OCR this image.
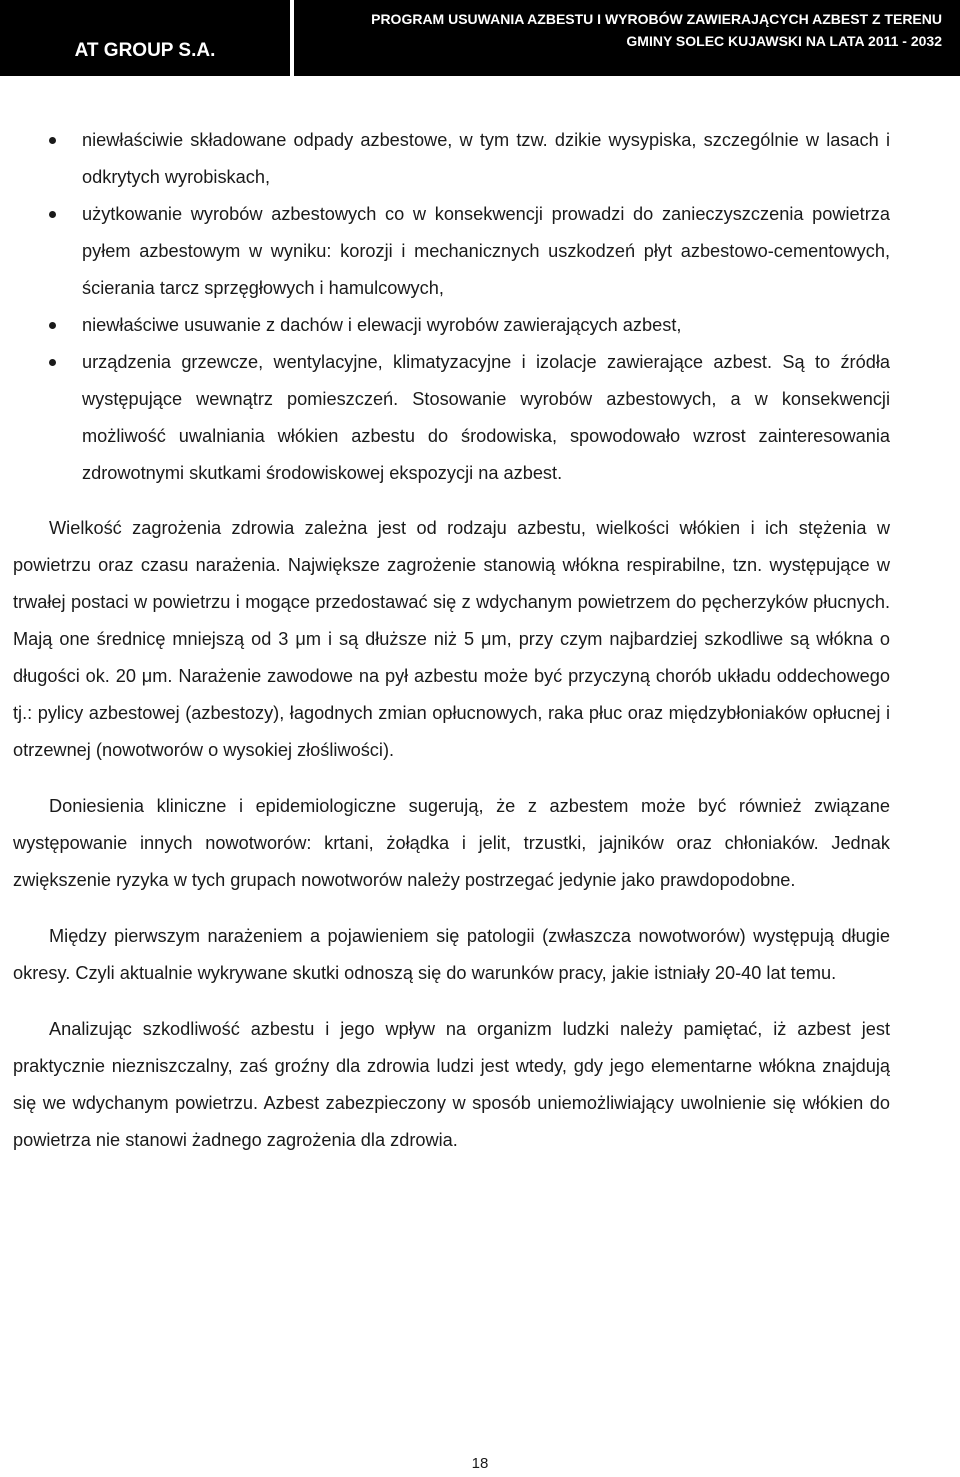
AT GROUP S.A.
PROGRAM USUWANIA AZBESTU I WYROBÓW ZAWIERAJĄCYCH AZBEST Z TERENU
GMINY SOLEC KUJAWSKI NA LATA 2011 - 2032
niewłaściwie składowane odpady azbestowe, w tym tzw. dzikie wysypiska, szczególnie w lasach i odkrytych wyrobiskach,
użytkowanie wyrobów azbestowych co w konsekwencji prowadzi do zanieczyszczenia powietrza pyłem azbestowym w wyniku: korozji i mechanicznych uszkodzeń płyt azbestowo-cementowych, ścierania tarcz sprzęgłowych i hamulcowych,
niewłaściwe usuwanie z dachów i elewacji wyrobów zawierających azbest,
urządzenia grzewcze, wentylacyjne, klimatyzacyjne i izolacje zawierające azbest. Są to źródła występujące wewnątrz pomieszczeń. Stosowanie wyrobów azbestowych, a w konsekwencji możliwość uwalniania włókien azbestu do środowiska, spowodowało wzrost zainteresowania zdrowotnymi skutkami środowiskowej ekspozycji na azbest.

Wielkość zagrożenia zdrowia zależna jest od rodzaju azbestu, wielkości włókien i ich stężenia w powietrzu oraz czasu narażenia. Największe zagrożenie stanowią włókna respirabilne, tzn. występujące w trwałej postaci w powietrzu i mogące przedostawać się z wdychanym powietrzem do pęcherzyków płucnych. Mają one średnicę mniejszą od 3 μm i są dłuższe niż 5 μm, przy czym najbardziej szkodliwe są włókna o długości ok. 20 μm. Narażenie zawodowe na pył azbestu może być przyczyną chorób układu oddechowego tj.: pylicy azbestowej (azbestozy), łagodnych zmian opłucnowych, raka płuc oraz międzybłoniaków opłucnej i otrzewnej (nowotworów o wysokiej złośliwości).

Doniesienia kliniczne i epidemiologiczne sugerują, że z azbestem może być również związane występowanie innych nowotworów: krtani, żołądka i jelit, trzustki, jajników oraz chłoniaków. Jednak zwiększenie ryzyka w tych grupach nowotworów należy postrzegać jedynie jako prawdopodobne.

Między pierwszym narażeniem a pojawieniem się patologii (zwłaszcza nowotworów) występują długie okresy. Czyli aktualnie wykrywane skutki odnoszą się do warunków pracy, jakie istniały 20-40 lat temu.

Analizując szkodliwość azbestu i jego wpływ na organizm ludzki należy pamiętać, iż azbest jest praktycznie niezniszczalny, zaś groźny dla zdrowia ludzi jest wtedy, gdy jego elementarne włókna znajdują się we wdychanym powietrzu. Azbest zabezpieczony w sposób uniemożliwiający uwolnienie się włókien do powietrza nie stanowi żadnego zagrożenia dla zdrowia.

18
